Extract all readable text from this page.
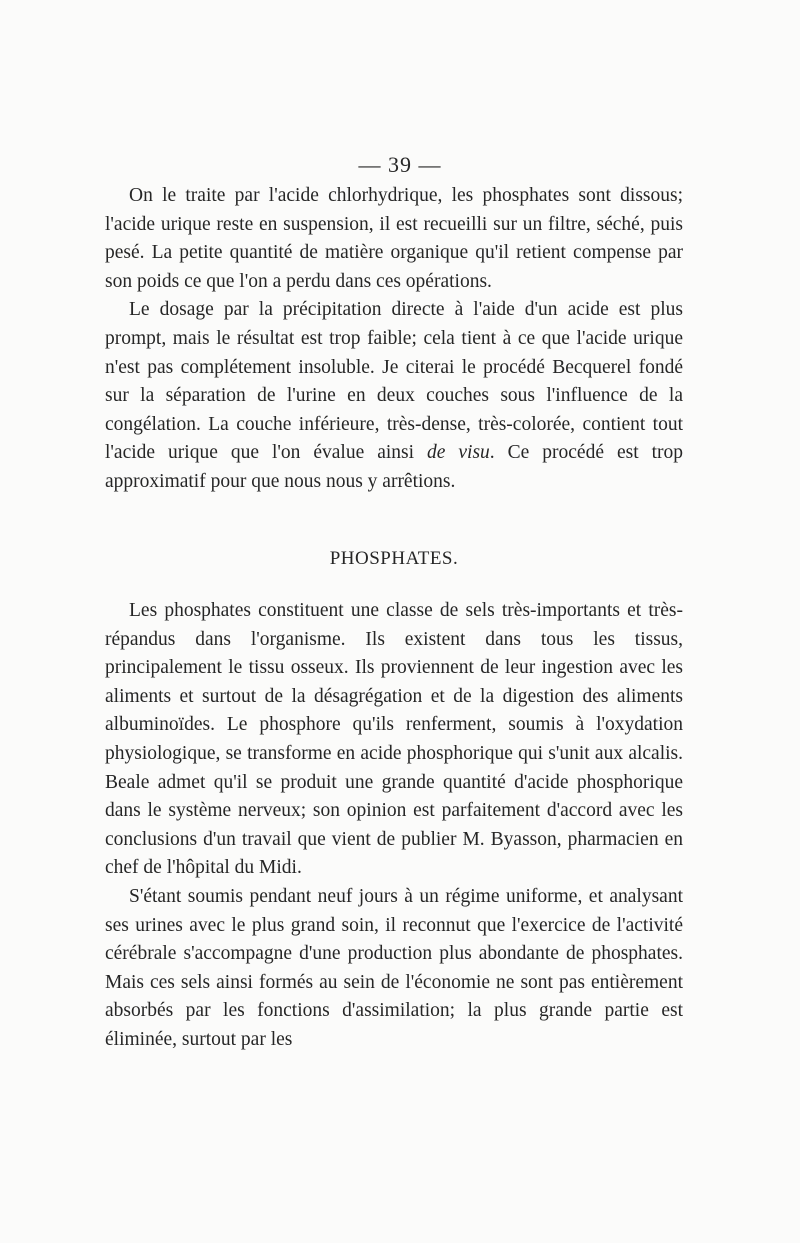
— 39 —

On le traite par l'acide chlorhydrique, les phosphates sont dissous; l'acide urique reste en suspension, il est recueilli sur un filtre, séché, puis pesé. La petite quantité de matière organique qu'il retient compense par son poids ce que l'on a perdu dans ces opérations.

Le dosage par la précipitation directe à l'aide d'un acide est plus prompt, mais le résultat est trop faible; cela tient à ce que l'acide urique n'est pas complétement insoluble. Je citerai le procédé Becquerel fondé sur la séparation de l'urine en deux couches sous l'influence de la congélation. La couche inférieure, très-dense, très-colorée, contient tout l'acide urique que l'on évalue ainsi de visu. Ce procédé est trop approximatif pour que nous nous y arrêtions.

PHOSPHATES.

Les phosphates constituent une classe de sels très-importants et très-répandus dans l'organisme. Ils existent dans tous les tissus, principalement le tissu osseux. Ils proviennent de leur ingestion avec les aliments et surtout de la désagrégation et de la digestion des aliments albuminoïdes. Le phosphore qu'ils renferment, soumis à l'oxydation physiologique, se transforme en acide phosphorique qui s'unit aux alcalis. Beale admet qu'il se produit une grande quantité d'acide phosphorique dans le système nerveux; son opinion est parfaitement d'accord avec les conclusions d'un travail que vient de publier M. Byasson, pharmacien en chef de l'hôpital du Midi.

S'étant soumis pendant neuf jours à un régime uniforme, et analysant ses urines avec le plus grand soin, il reconnut que l'exercice de l'activité cérébrale s'accompagne d'une production plus abondante de phosphates. Mais ces sels ainsi formés au sein de l'économie ne sont pas entièrement absorbés par les fonctions d'assimilation; la plus grande partie est éliminée, surtout par les
